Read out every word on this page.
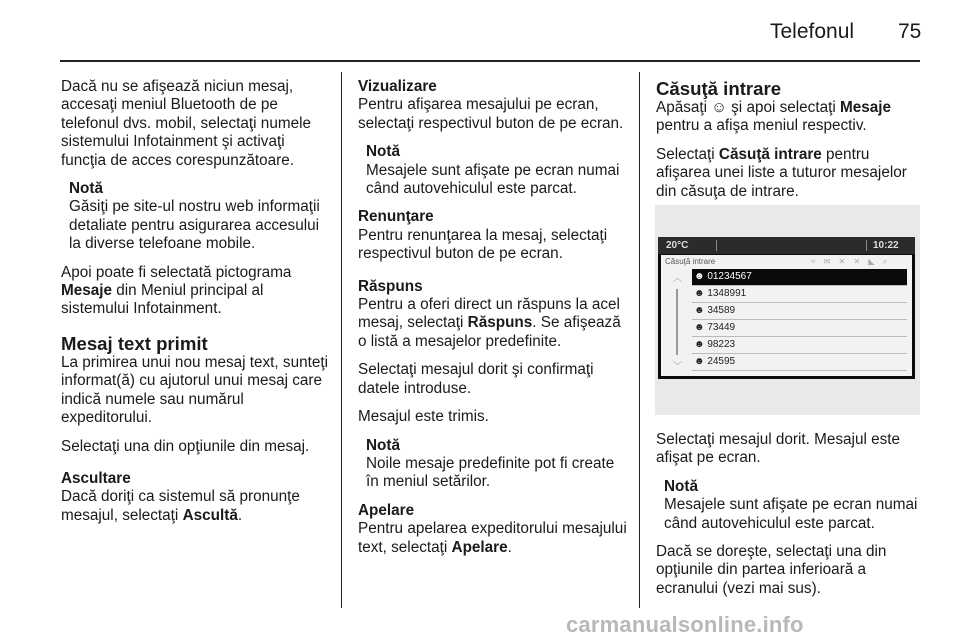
Telefonul 75

Dacă nu se afişează niciun mesaj, accesaţi meniul Bluetooth de pe telefonul dvs. mobil, selectaţi numele sistemului Infotainment şi activaţi funcţia de acces corespunzătoare.

Notă
Găsiţi pe site-ul nostru web informaţii detaliate pentru asigurarea accesului la diverse telefoane mobile.

Apoi poate fi selectată pictograma Mesaje din Meniul principal al sistemului Infotainment.

Mesaj text primit

La primirea unui nou mesaj text, sunteţi informat(ă) cu ajutorul unui mesaj care indică numele sau numărul expeditorului.

Selectaţi una din opţiunile din mesaj.

Ascultare

Dacă doriţi ca sistemul să pronunţe mesajul, selectaţi Ascultă.

Vizualizare

Pentru afişarea mesajului pe ecran, selectaţi respectivul buton de pe ecran.

Notă
Mesajele sunt afişate pe ecran numai când autovehiculul este parcat.
Renunţare

Pentru renunţarea la mesaj, selectaţi respectivul buton de pe ecran.

Răspuns

Pentru a oferi direct un răspuns la acel mesaj, selectaţi Răspuns. Se afişează o listă a mesajelor predefinite.

Selectaţi mesajul dorit şi confirmaţi datele introduse.

Mesajul este trimis.

Notă
Noile mesaje predefinite pot fi create în meniul setărilor.
Apelare

Pentru apelarea expeditorului mesajului text, selectaţi Apelare.

Căsuţă intrare

Apăsaţi ☺ şi apoi selectaţi Mesaje pentru a afişa meniul respectiv.

Selectaţi Căsuţă intrare pentru afişarea unei liste a tuturor mesajelor din căsuţa de intrare.

20°C	10:22
Căsuţă intrare	≈ ✉ ✕ ✕ ◣ ⌕
︿
﹀
☻ 01234567
☻ 1348991
☻ 34589
☻ 73449
☻ 98223
☻ 24595

Selectaţi mesajul dorit. Mesajul este afişat pe ecran.

Notă
Mesajele sunt afişate pe ecran numai când autovehiculul este parcat.

Dacă se doreşte, selectaţi una din opţiunile din partea inferioară a ecranului (vezi mai sus).

carmanualsonline.info
